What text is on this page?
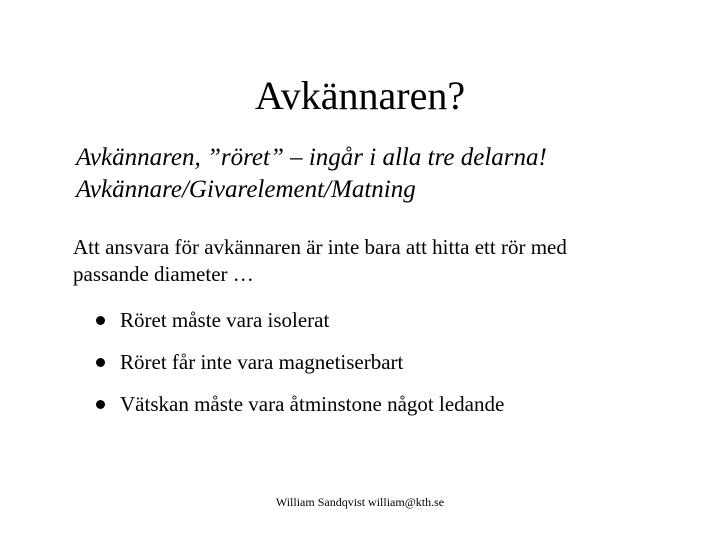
Avkännaren?
Avkännaren, ”röret” – ingår i alla tre delarna!
Avkännare/Givarelement/Matning
Att ansvara för avkännaren är inte bara att hitta ett rör med
passande diameter …
Röret måste vara isolerat
Röret får inte vara magnetiserbart
Vätskan måste vara åtminstone något ledande
William Sandqvist william@kth.se
